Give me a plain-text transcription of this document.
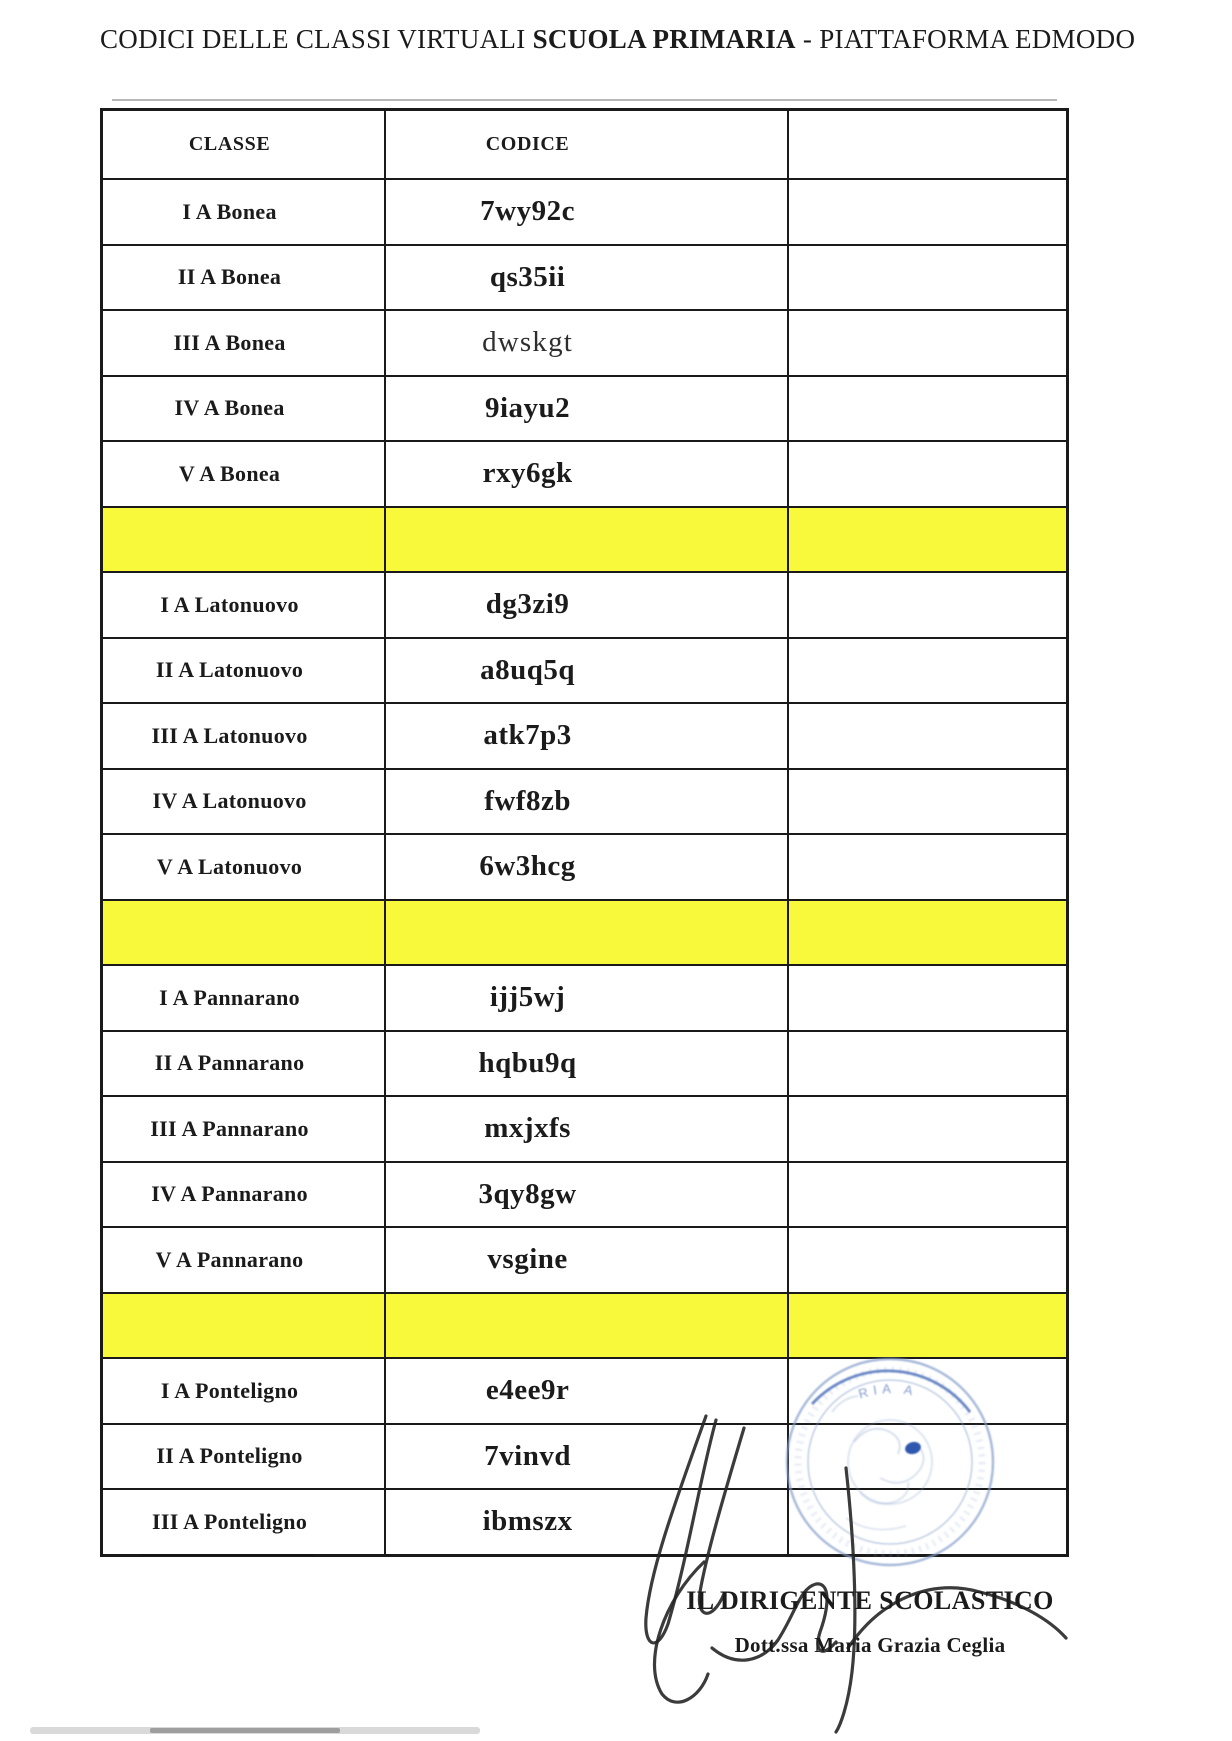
CODICI DELLE CLASSI VIRTUALI SCUOLA PRIMARIA - PIATTAFORMA EDMODO
CLASSE	CODICE
I A Bonea	7wy92c
II A Bonea	qs35ii
III A Bonea	dwskgt
IV A Bonea	9iayu2
V A Bonea	rxy6gk
I A Latonuovo	dg3zi9
II A Latonuovo	a8uq5q
III A Latonuovo	atk7p3
IV A Latonuovo	fwf8zb
V A Latonuovo	6w3hcg
I A Pannarano	ijj5wj
II A Pannarano	hqbu9q
III A Pannarano	mxjxfs
IV A Pannarano	3qy8gw
V A Pannarano	vsgine
I A Ponteligno	e4ee9r
II A Ponteligno	7vinvd
III A Ponteligno	ibmszx
RIA A
IL DIRIGENTE SCOLASTICO
Dott.ssa Maria Grazia Ceglia
